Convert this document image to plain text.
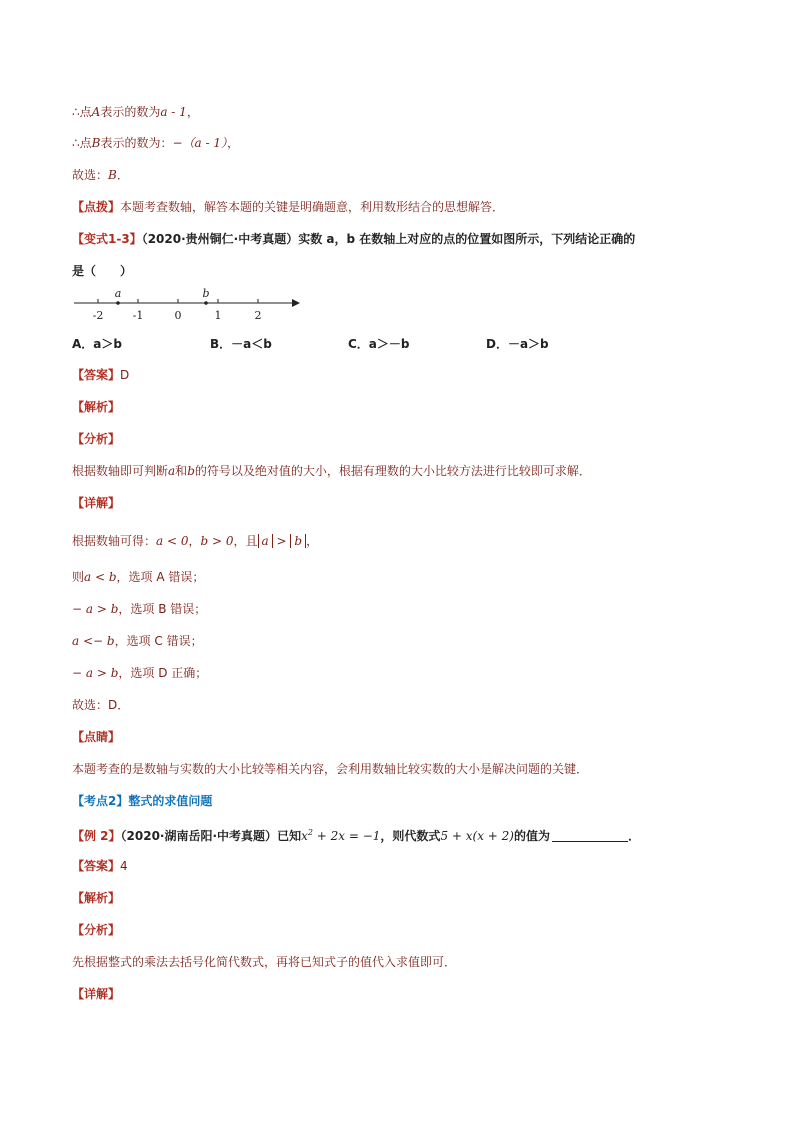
∴点A表示的数为a - 1，
∴点B表示的数为：−（a - 1），
故选：B．
【点拨】本题考查数轴，解答本题的关键是明确题意，利用数形结合的思想解答．
【变式1-3】（2020·贵州铜仁·中考真题）实数 a，b 在数轴上对应的点的位置如图所示，下列结论正确的
是（　　）
-2	-1	0	1	2
a	b
A．a＞b	B．－a＜b	C．a＞－b	D．－a＞b
【答案】D
【解析】
【分析】
根据数轴即可判断a和b的符号以及绝对值的大小，根据有理数的大小比较方法进行比较即可求解．
【详解】
根据数轴可得：a < 0，b > 0，且 a > b ，
则a < b，选项 A 错误；
− a > b，选项 B 错误；
a <− b，选项 C 错误；
− a > b，选项 D 正确；
故选：D．
【点睛】
本题考查的是数轴与实数的大小比较等相关内容，会利用数轴比较实数的大小是解决问题的关键．
【考点2】整式的求值问题
【例 2】（2020·湖南岳阳·中考真题）已知$x^2 + 2x = -1$，则代数式5 + x(x + 2)的值为	．
【答案】4
【解析】
【分析】
先根据整式的乘法去括号化简代数式，再将已知式子的值代入求值即可．
【详解】
